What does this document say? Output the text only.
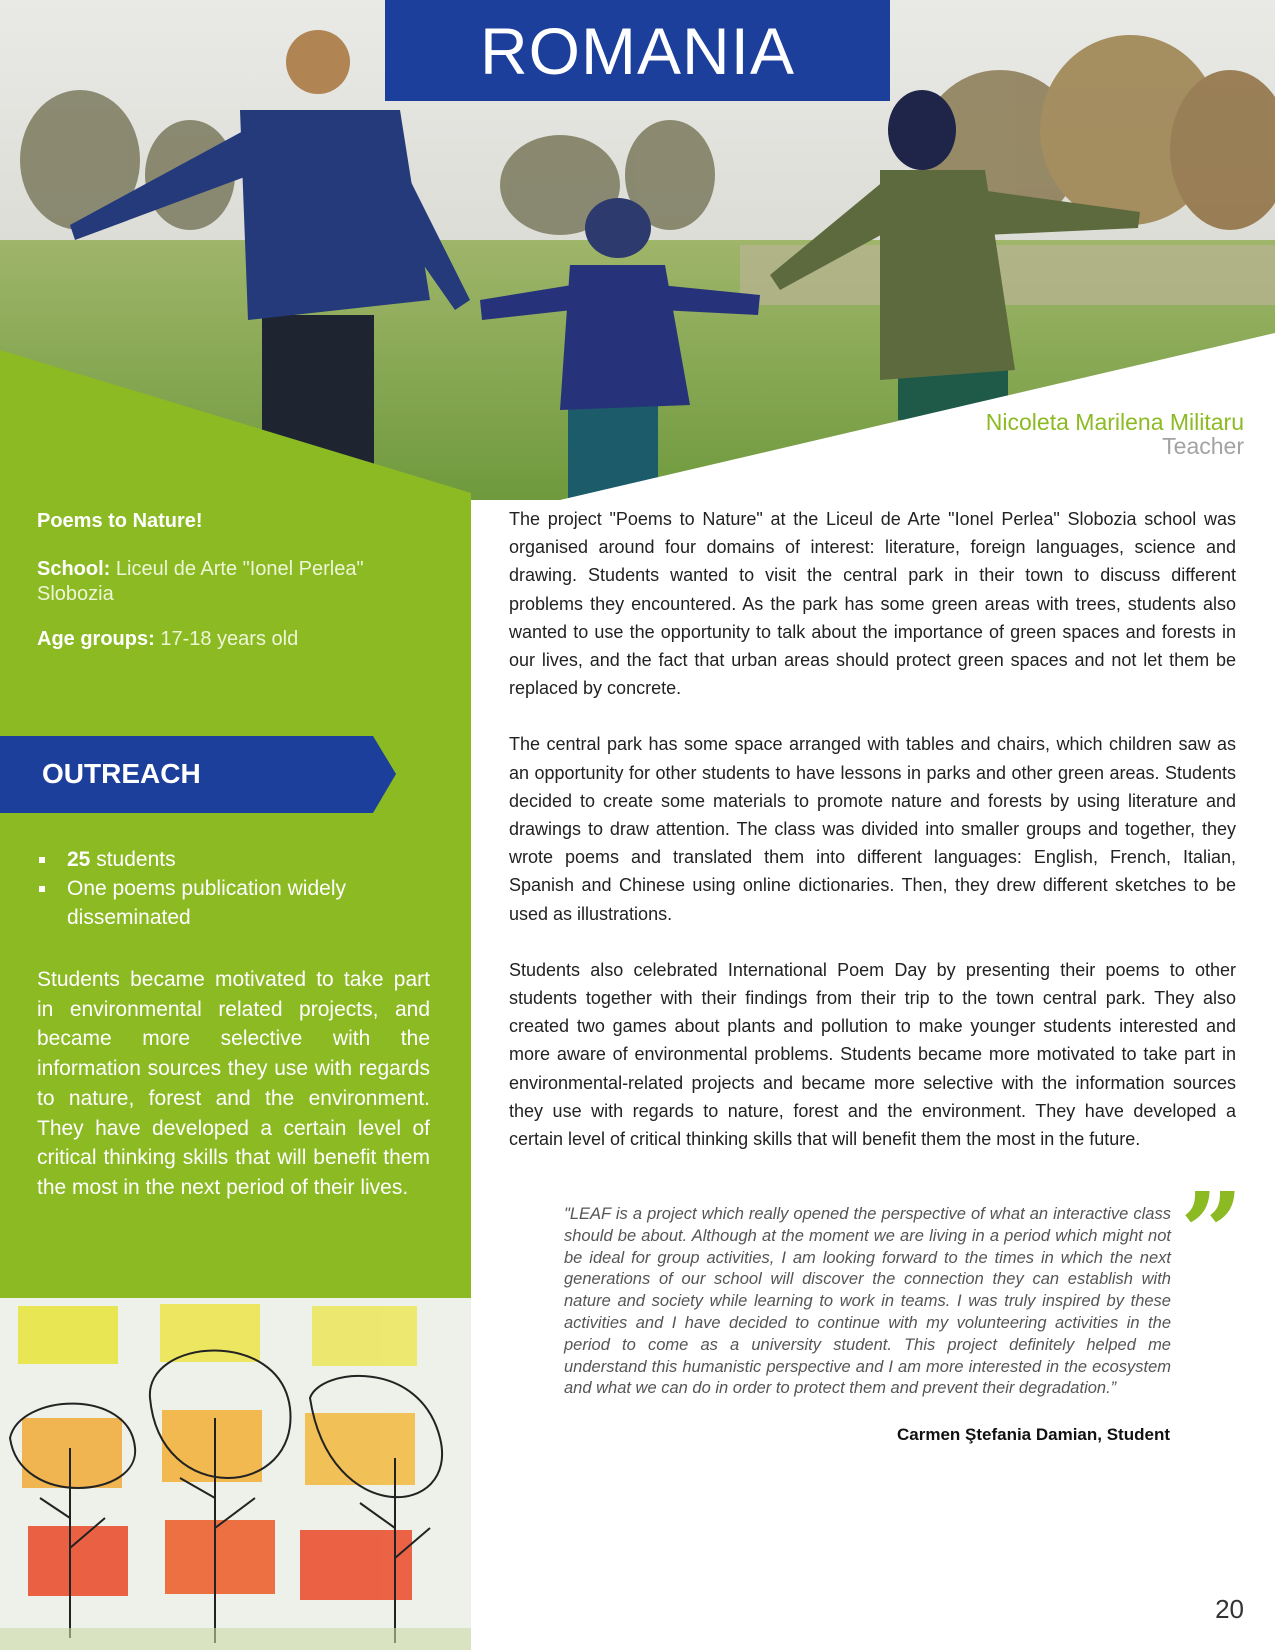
ROMANIA
Nicoleta Marilena Militaru
Teacher
Poems to Nature!

School: Liceul de Arte "Ionel Perlea" Slobozia

Age groups: 17-18 years old

OUTREACH
25 students
One poems publication widely disseminated
Students became motivated to take part in environmental related projects, and became more selective with the information sources they use with regards to nature, forest and the environment. They have developed a certain level of critical thinking skills that will benefit them the most in the next period of their lives.

The project "Poems to Nature" at the Liceul de Arte "Ionel Perlea" Slobozia school was organised around four domains of interest: literature, foreign languages, science and drawing. Students wanted to visit the central park in their town to discuss different problems they encountered. As the park has some green areas with trees, students also wanted to use the opportunity to talk about the importance of green spaces and forests in our lives, and the fact that urban areas should protect green spaces and not let them be replaced by concrete.

The central park has some space arranged with tables and chairs, which children saw as an opportunity for other students to have lessons in parks and other green areas. Students decided to create some materials to promote nature and forests by using literature and drawings to draw attention. The class was divided into smaller groups and together, they wrote poems and translated them into different languages: English, French, Italian, Spanish and Chinese using online dictionaries. Then, they drew different sketches to be used as illustrations.

Students also celebrated International Poem Day by presenting their poems to other students together with their findings from their trip to the town central park. They also created two games about plants and pollution to make younger students interested and more aware of environmental problems. Students became more motivated to take part in environmental-related projects and became more selective with the information sources they use with regards to nature, forest and the environment. They have developed a certain level of critical thinking skills that will benefit them the most in the future.

”
"LEAF is a project which really opened the perspective of what an interactive class should be about. Although at the moment we are living in a period which might not be ideal for group activities, I am looking forward to the times in which the next generations of our school will discover the connection they can establish with nature and society while learning to work in teams. I was truly inspired by these activities and I have decided to continue with my volunteering activities in the period to come as a university student. This project definitely helped me understand this humanistic perspective and I am more interested in the ecosystem and what we can do in order to protect them and prevent their degradation.”
Carmen Ştefania Damian, Student
20
